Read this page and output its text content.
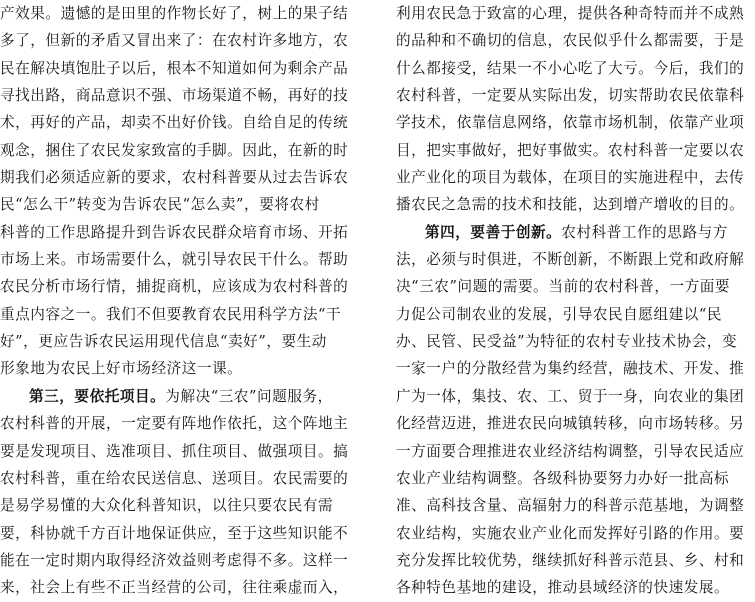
产效果。遗憾的是田里的作物长好了，树上的果子结
多了，但新的矛盾又冒出来了：在农村许多地方，农
民在解决填饱肚子以后，根本不知道如何为剩余产品
寻找出路，商品意识不强、市场渠道不畅，再好的技
术，再好的产品，却卖不出好价钱。自给自足的传统
观念，捆住了农民发家致富的手脚。因此，在新的时
期我们必须适应新的要求，农村科普要从过去告诉农
民“怎么干”转变为告诉农民“怎么卖”，要将农村
科普的工作思路提升到告诉农民群众培育市场、开拓
市场上来。市场需要什么，就引导农民干什么。帮助
农民分析市场行情，捕捉商机，应该成为农村科普的
重点内容之一。我们不但要教育农民用科学方法“干
好”，更应告诉农民运用现代信息“卖好”，要生动
形象地为农民上好市场经济这一课。
第三，要依托项目。为解决“三农”问题服务，
农村科普的开展，一定要有阵地作依托，这个阵地主
要是发现项目、选准项目、抓住项目、做强项目。搞
农村科普，重在给农民送信息、送项目。农民需要的
是易学易懂的大众化科普知识，以往只要农民有需
要，科协就千方百计地保证供应，至于这些知识能不
能在一定时期内取得经济效益则考虑得不多。这样一
来，社会上有些不正当经营的公司，往往乘虚而入，
利用农民急于致富的心理，提供各种奇特而并不成熟
的品种和不确切的信息，农民似乎什么都需要，于是
什么都接受，结果一不小心吃了大亏。今后，我们的
农村科普，一定要从实际出发，切实帮助农民依靠科
学技术，依靠信息网络，依靠市场机制，依靠产业项
目，把实事做好，把好事做实。农村科普一定要以农
业产业化的项目为载体，在项目的实施进程中，去传
播农民之急需的技术和技能，达到增产增收的目的。
第四，要善于创新。农村科普工作的思路与方
法，必须与时俱进，不断创新，不断跟上党和政府解
决“三农”问题的需要。当前的农村科普，一方面要
力促公司制农业的发展，引导农民自愿组建以“民
办、民管、民受益”为特征的农村专业技术协会，变
一家一户的分散经营为集约经营，融技术、开发、推
广为一体，集技、农、工、贸于一身，向农业的集团
化经营迈进，推进农民向城镇转移，向市场转移。另
一方面要合理推进农业经济结构调整，引导农民适应
农业产业结构调整。各级科协要努力办好一批高标
准、高科技含量、高辐射力的科普示范基地，为调整
农业结构，实施农业产业化而发挥好引路的作用。要
充分发挥比较优势，继续抓好科普示范县、乡、村和
各种特色基地的建设，推动县域经济的快速发展。
